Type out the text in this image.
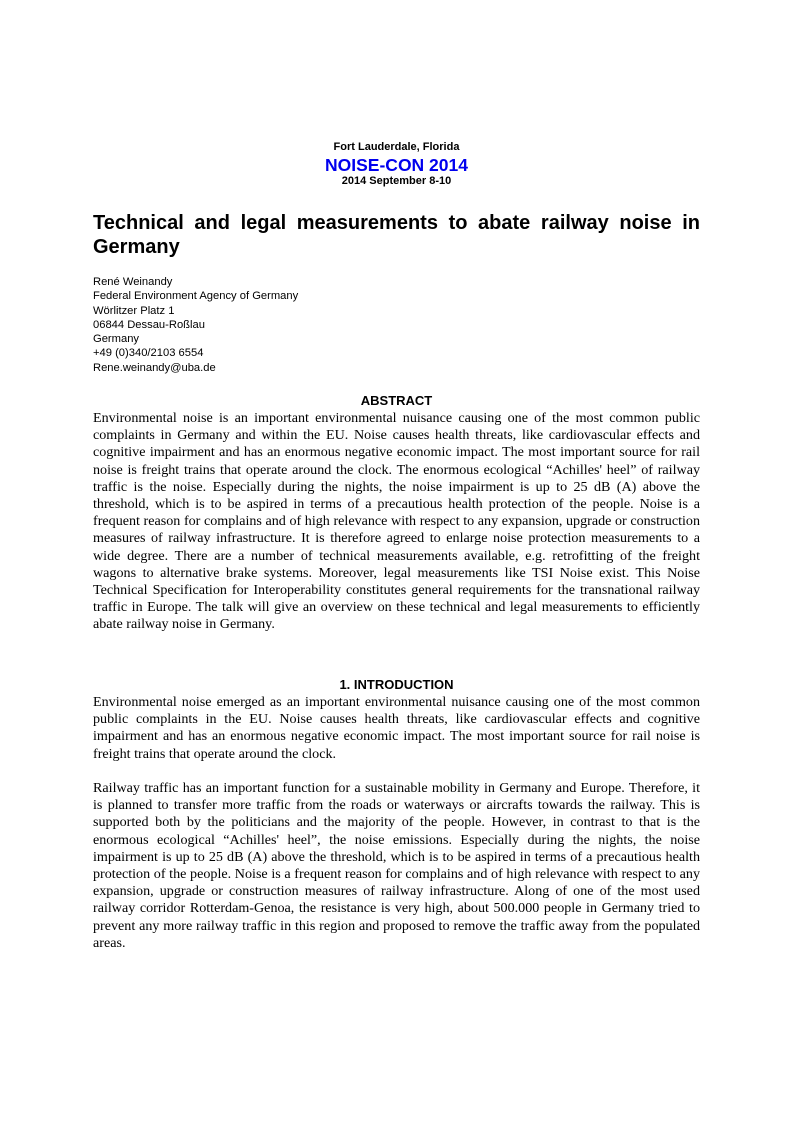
Fort Lauderdale, Florida
NOISE-CON 2014
2014 September 8-10
Technical and legal measurements to abate railway noise in Germany
René Weinandy
Federal Environment Agency of Germany
Wörlitzer Platz 1
06844 Dessau-Roßlau
Germany
+49 (0)340/2103 6554
Rene.weinandy@uba.de
ABSTRACT

Environmental noise is an important environmental nuisance causing one of the most common public complaints in Germany and within the EU. Noise causes health threats, like cardiovascular effects and cognitive impairment and has an enormous negative economic impact. The most important source for rail noise is freight trains that operate around the clock. The enormous ecological “Achilles' heel” of railway traffic is the noise. Especially during the nights, the noise impairment is up to 25 dB (A) above the threshold, which is to be aspired in terms of a precautious health protection of the people. Noise is a frequent reason for complains and of high relevance with respect to any expansion, upgrade or construction measures of railway infrastructure. It is therefore agreed to enlarge noise protection measurements to a wide degree. There are a number of technical measurements available, e.g. retrofitting of the freight wagons to alternative brake systems. Moreover, legal measurements like TSI Noise exist. This Noise Technical Specification for Interoperability constitutes general requirements for the transnational railway traffic in Europe. The talk will give an overview on these technical and legal measurements to efficiently abate railway noise in Germany.

1. INTRODUCTION

Environmental noise emerged as an important environmental nuisance causing one of the most common public complaints in the EU. Noise causes health threats, like cardiovascular effects and cognitive impairment and has an enormous negative economic impact. The most important source for rail noise is freight trains that operate around the clock.

Railway traffic has an important function for a sustainable mobility in Germany and Europe. Therefore, it is planned to transfer more traffic from the roads or waterways or aircrafts towards the railway. This is supported both by the politicians and the majority of the people. However, in contrast to that is the enormous ecological “Achilles' heel”, the noise emissions. Especially during the nights, the noise impairment is up to 25 dB (A) above the threshold, which is to be aspired in terms of a precautious health protection of the people. Noise is a frequent reason for complains and of high relevance with respect to any expansion, upgrade or construction measures of railway infrastructure. Along of one of the most used railway corridor Rotterdam-Genoa, the resistance is very high, about 500.000 people in Germany tried to prevent any more railway traffic in this region and proposed to remove the traffic away from the populated areas.
